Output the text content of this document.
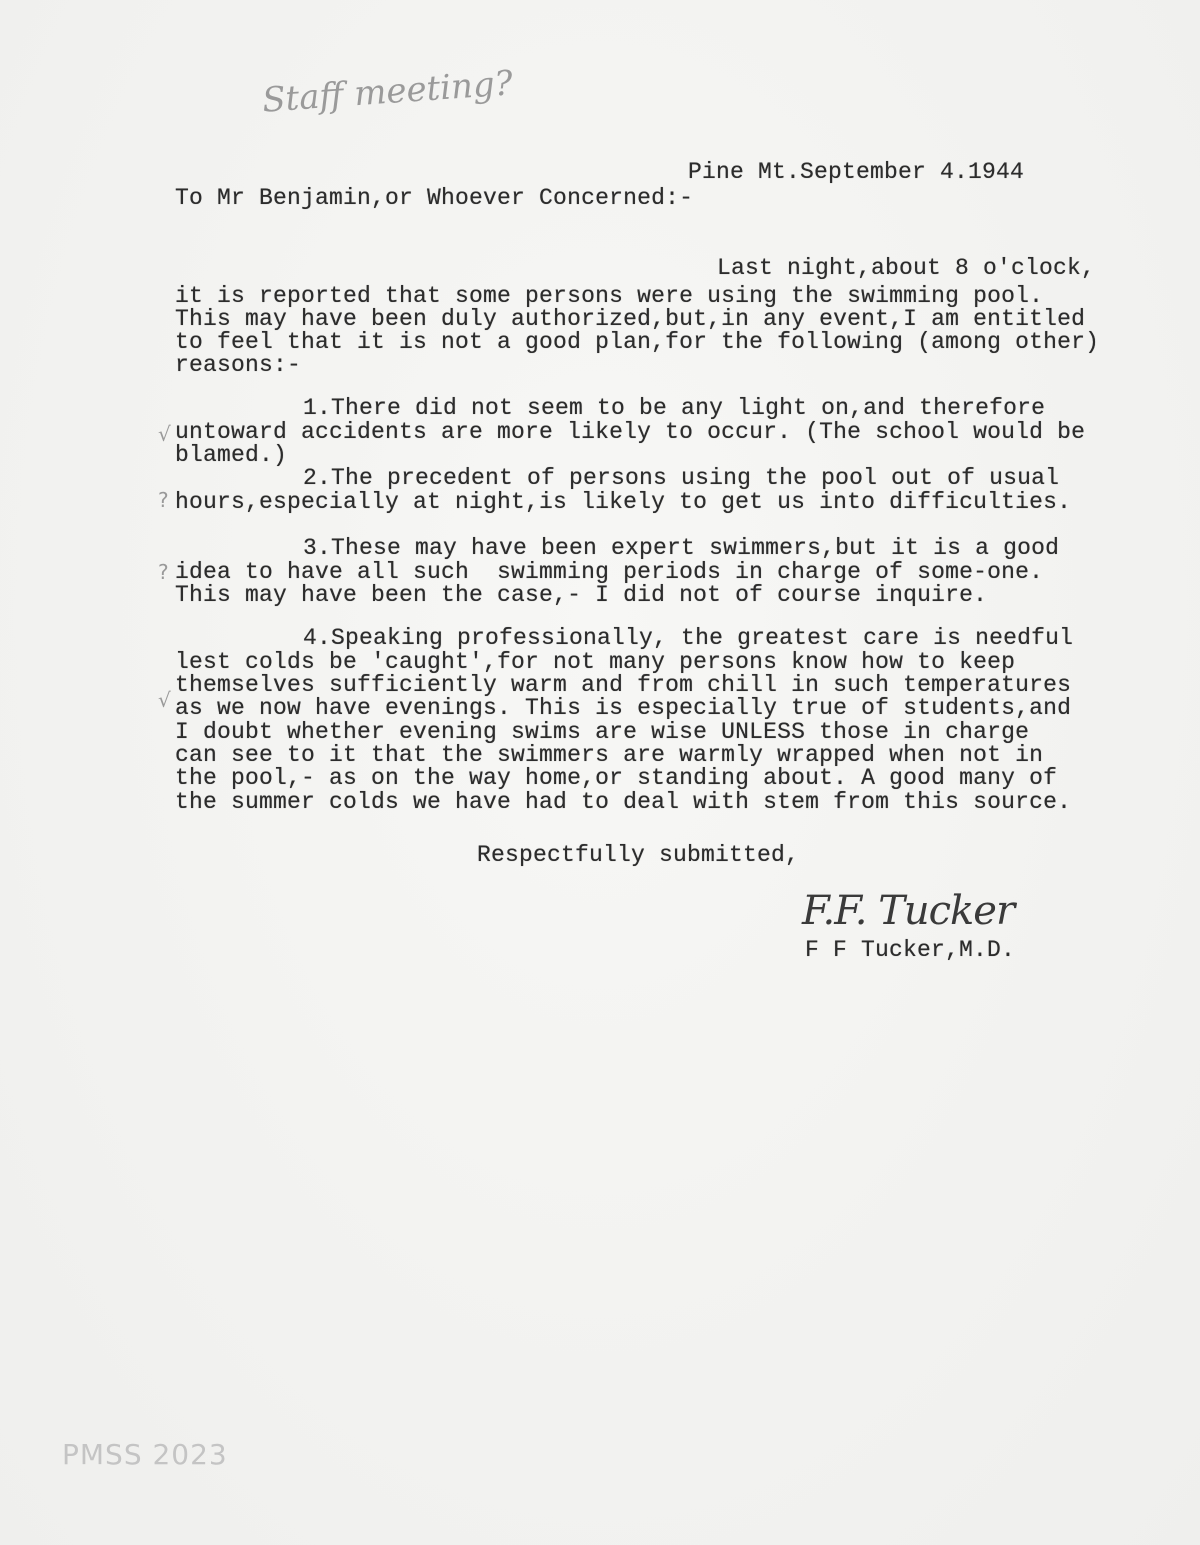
Staff meeting?
Pine Mt.September 4.1944
To Mr Benjamin,or Whoever Concerned:-
Last night,about 8 o'clock,
it is reported that some persons were using the swimming pool.
This may have been duly authorized,but,in any event,I am entitled
to feel that it is not a good plan,for the following (among other)
reasons:-
1.There did not seem to be any light on,and therefore
untoward accidents are more likely to occur. (The school would be
blamed.)
2.The precedent of persons using the pool out of usual
hours,especially at night,is likely to get us into difficulties.
3.These may have been expert swimmers,but it is a good
idea to have all such  swimming periods in charge of some-one.
This may have been the case,- I did not of course inquire.
4.Speaking professionally, the greatest care is needful
lest colds be 'caught',for not many persons know how to keep
themselves sufficiently warm and from chill in such temperatures
as we now have evenings. This is especially true of students,and
I doubt whether evening swims are wise UNLESS those in charge
can see to it that the swimmers are warmly wrapped when not in
the pool,- as on the way home,or standing about. A good many of
the summer colds we have had to deal with stem from this source.
√
?
?
√
Respectfully submitted,
F.F. Tucker
F F Tucker,M.D.
PMSS 2023
